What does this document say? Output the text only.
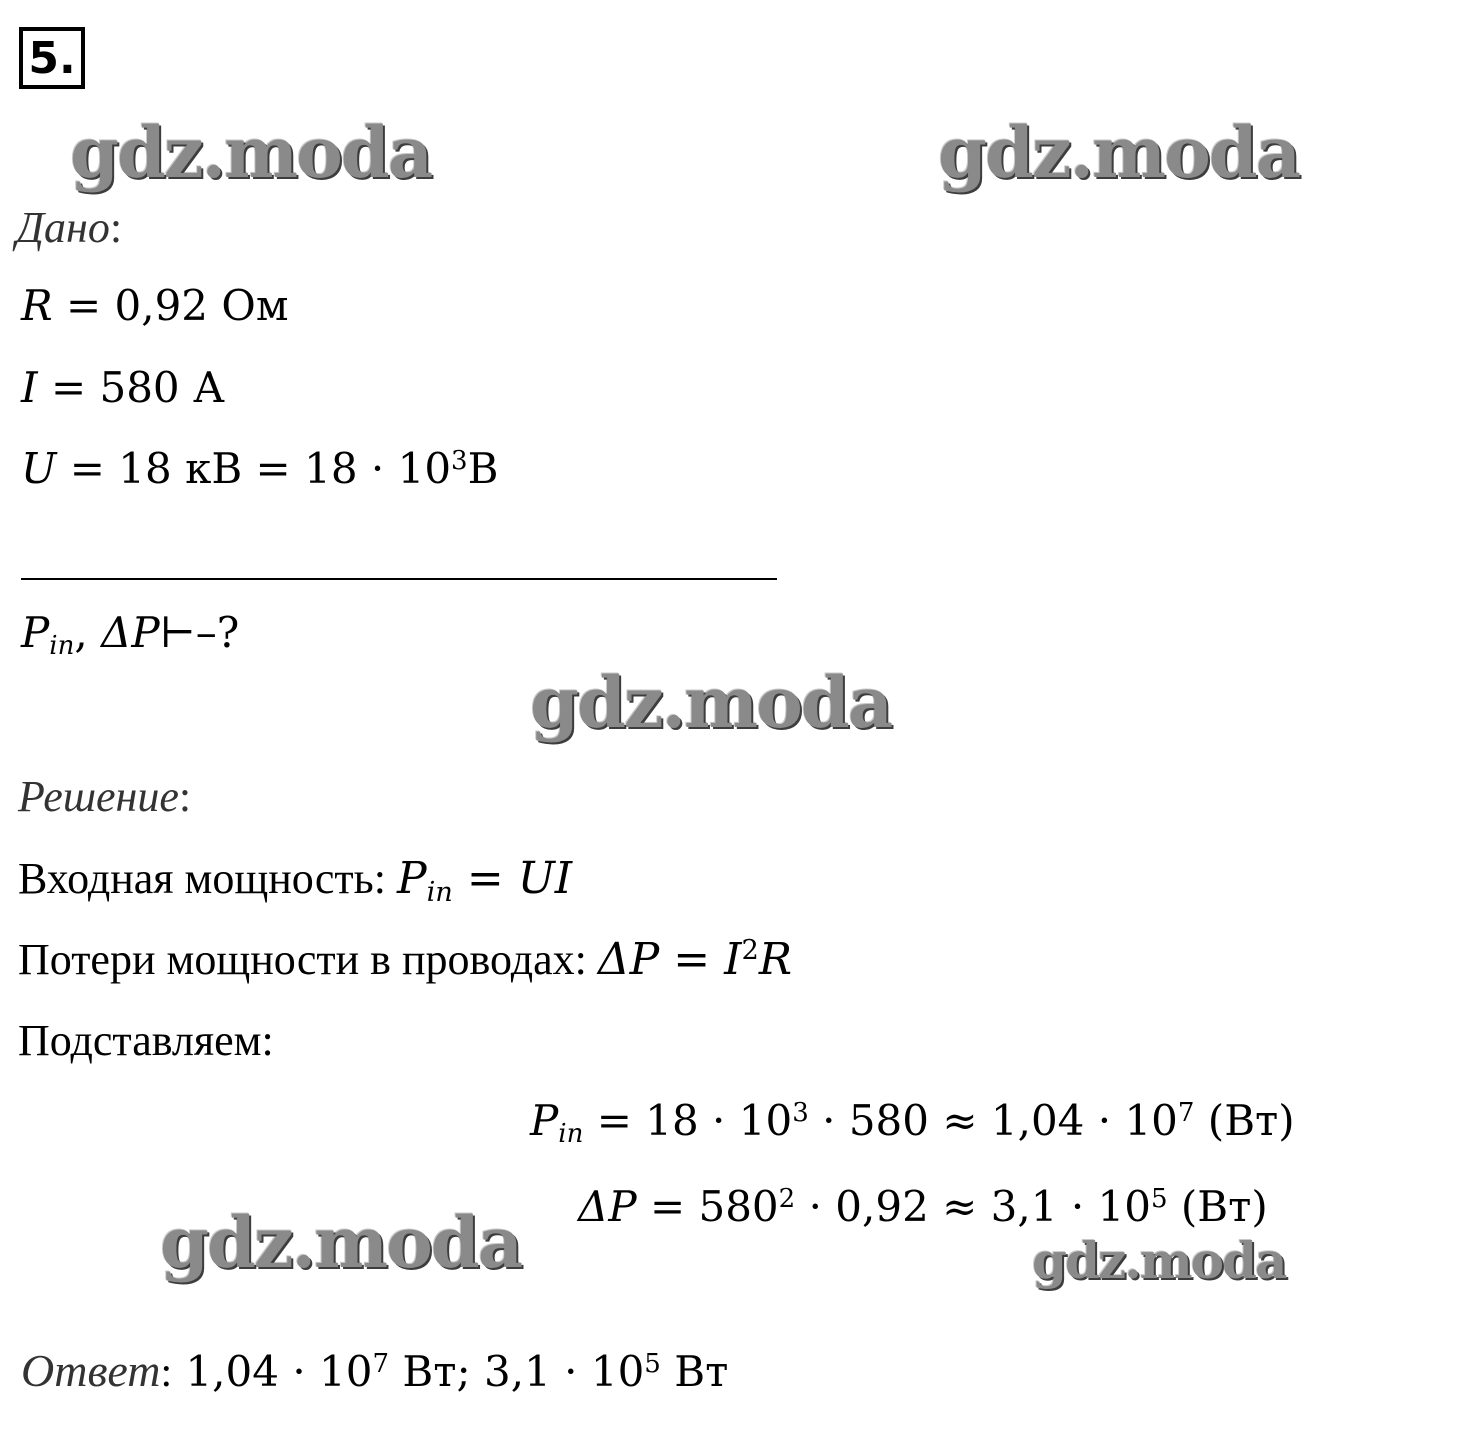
5.
gdz.moda	gdz.moda
gdz.moda
gdz.moda	gdz.moda
Дано:
R = 0,92 Ом
I = 580 А
U = 18 кВ = $18 \cdot 10^3В$
$P_{in}$, ΔP⊢–?
Решение:
Входная мощность: $P_{in}$ = UI
Потери мощности в проводах: $\Delta P = I^2R$
Подставляем:
$P_{in} = 18 \cdot 10^3 \cdot 580 \approx 1,04 \cdot 10^7$ (Вт)
$\Delta P = 580^2 \cdot 0,92 \approx 3,1 \cdot 10^5$ (Вт)
Ответ: $1,04 \cdot 10^7$ Вт; $3,1 \cdot 10^5$ Вт
